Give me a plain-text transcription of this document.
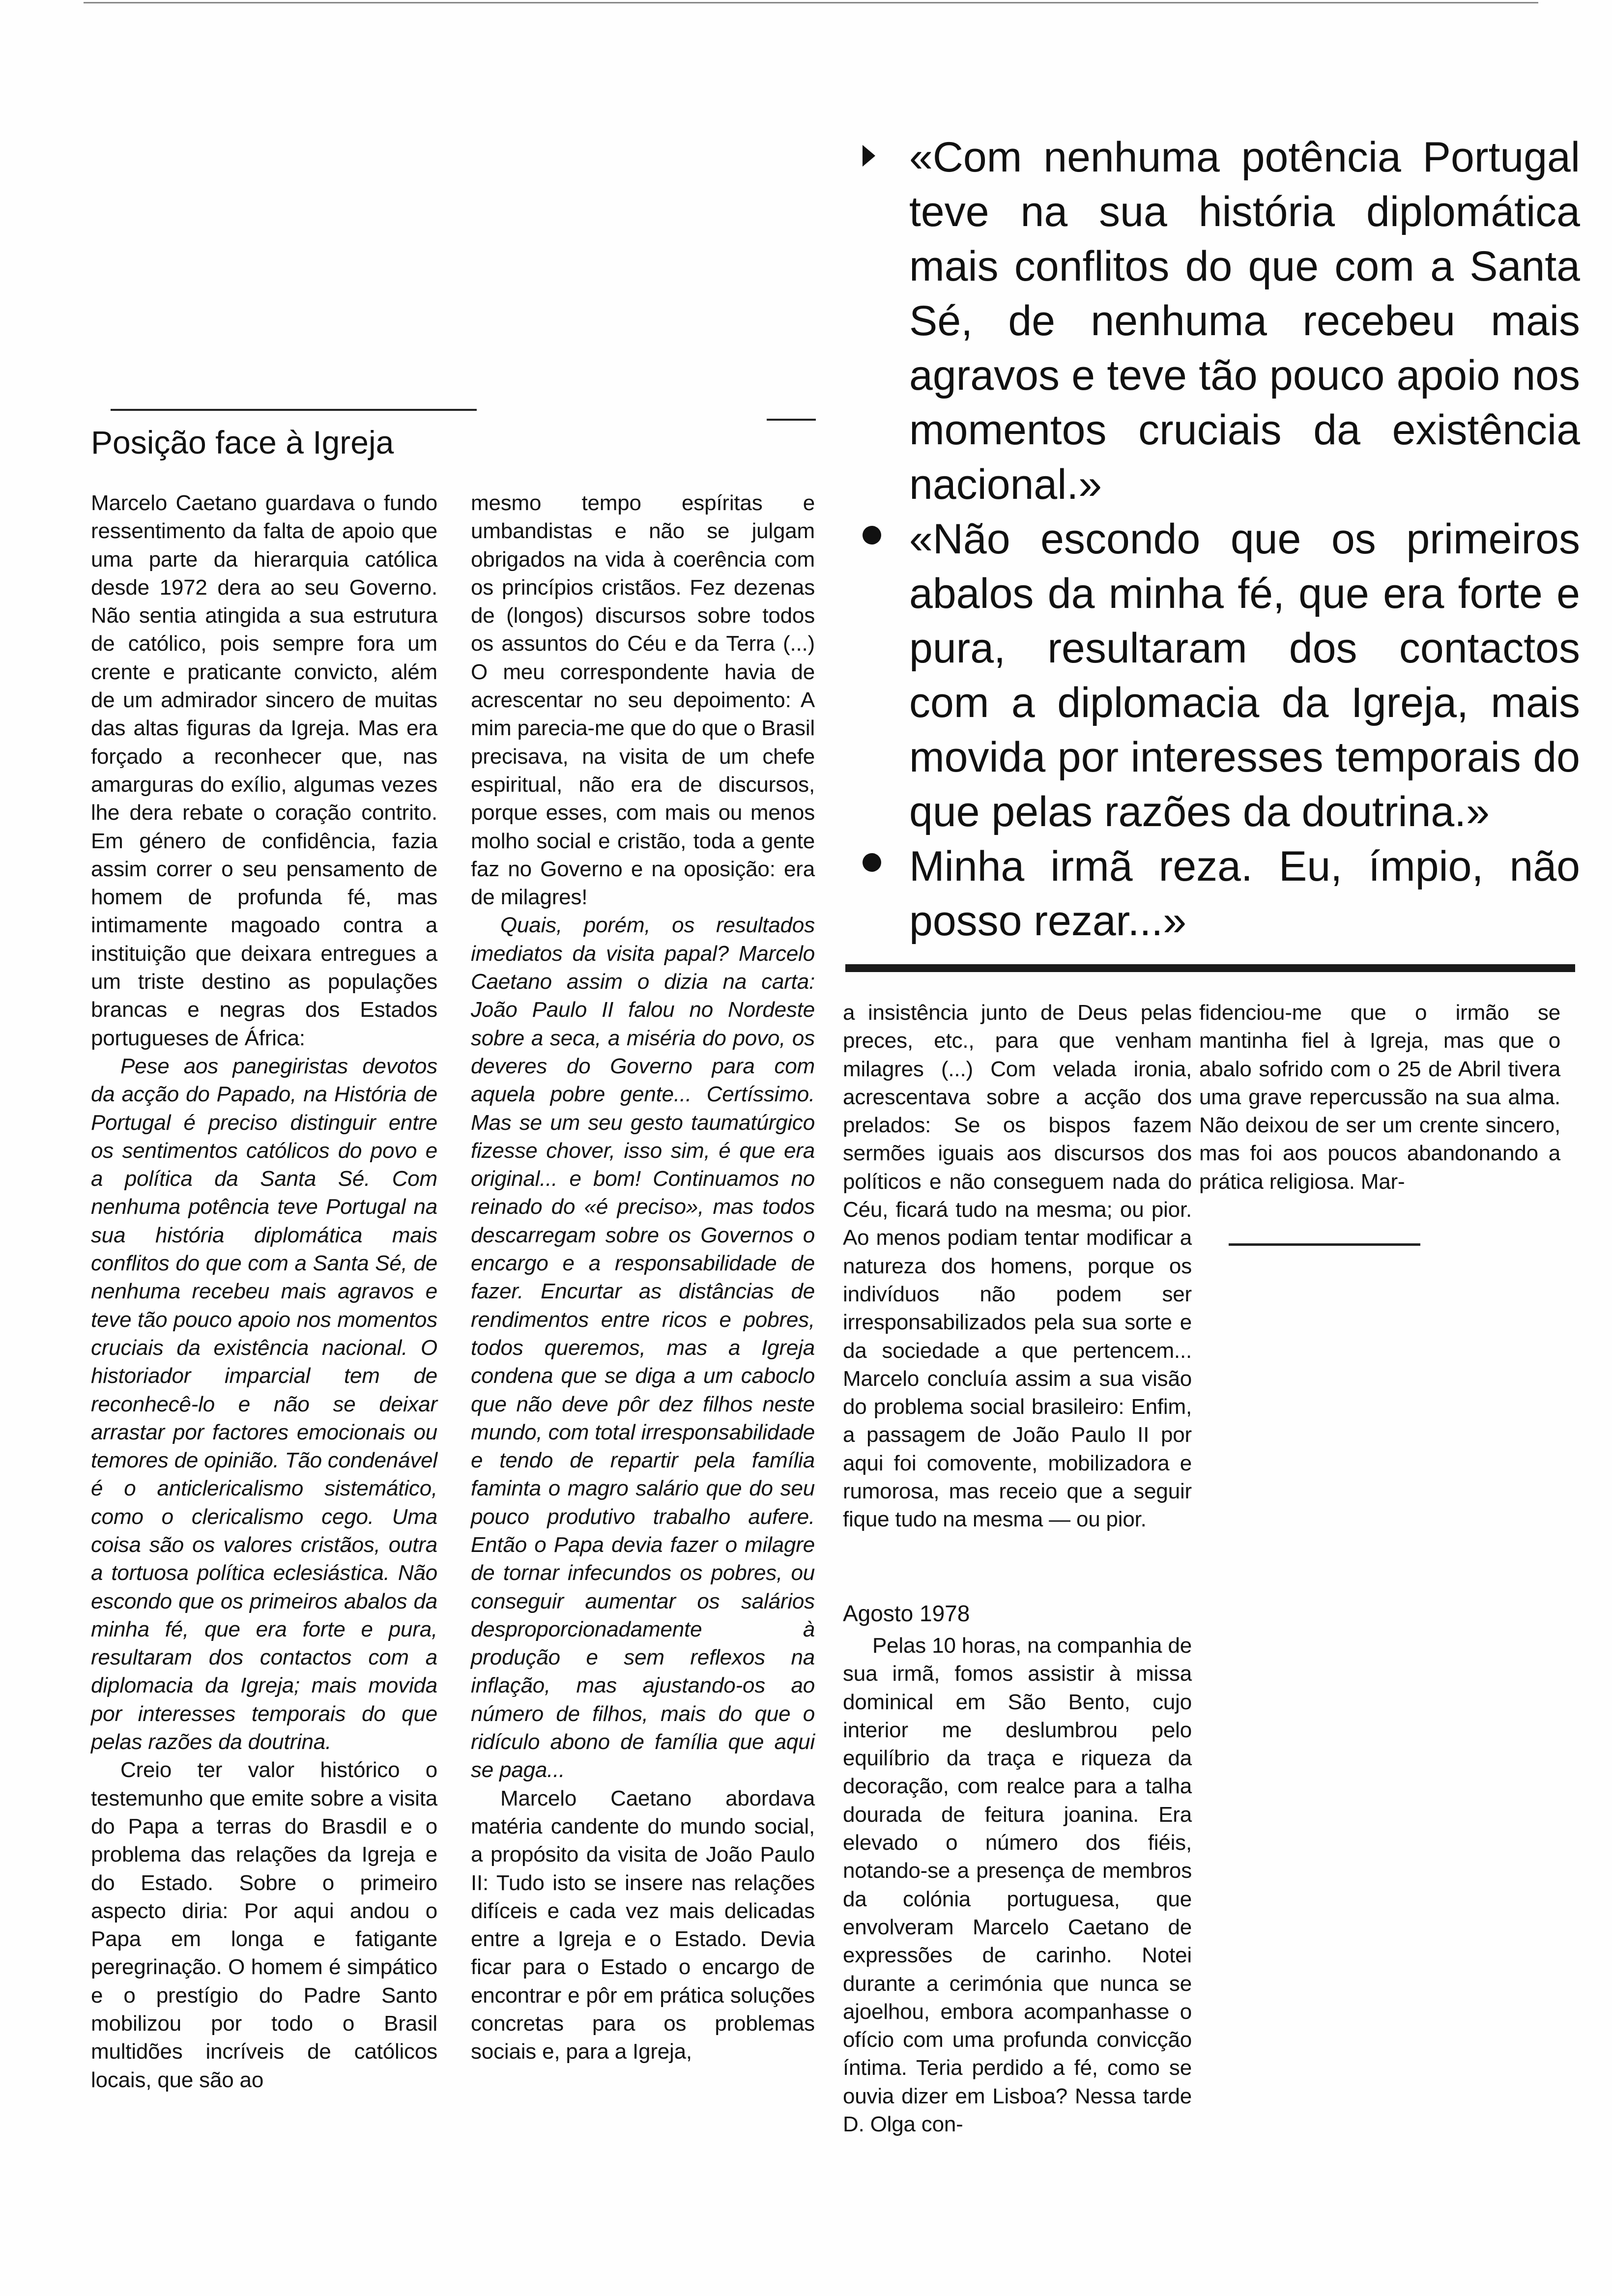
Posição face à Igreja

Marcelo Caetano guardava o fundo ressentimento da falta de apoio que uma parte da hierarquia católica desde 1972 dera ao seu Governo. Não sentia atingida a sua estrutura de católico, pois sempre fora um crente e praticante convicto, além de um admirador sincero de muitas das altas figuras da Igreja. Mas era forçado a reconhecer que, nas amarguras do exílio, algumas vezes lhe dera rebate o coração contrito. Em género de confidência, fazia assim correr o seu pensamento de homem de profunda fé, mas intimamente magoado contra a instituição que deixara entregues a um triste destino as populações brancas e negras dos Estados portugueses de África:

Pese aos panegiristas devotos da acção do Papado, na História de Portugal é preciso distinguir entre os sentimentos católicos do povo e a política da Santa Sé. Com nenhuma potência teve Portugal na sua história diplomática mais conflitos do que com a Santa Sé, de nenhuma recebeu mais agravos e teve tão pouco apoio nos momentos cruciais da existência nacional. O historiador imparcial tem de reconhecê-lo e não se deixar arrastar por factores emocionais ou temores de opinião. Tão condenável é o anticlericalismo sistemático, como o clericalismo cego. Uma coisa são os valores cristãos, outra a tortuosa política eclesiástica. Não escondo que os primeiros abalos da minha fé, que era forte e pura, resultaram dos contactos com a diplomacia da Igreja; mais movida por interesses temporais do que pelas razões da doutrina.

Creio ter valor histórico o testemunho que emite sobre a visita do Papa a terras do Brasdil e o problema das relações da Igreja e do Estado. Sobre o primeiro aspecto diria: Por aqui andou o Papa em longa e fatigante peregrinação. O homem é simpático e o prestígio do Padre Santo mobilizou por todo o Brasil multidões incríveis de católicos locais, que são ao

mesmo tempo espíritas e umbandistas e não se julgam obrigados na vida à coerência com os princípios cristãos. Fez dezenas de (longos) discursos sobre todos os assuntos do Céu e da Terra (...) O meu correspondente havia de acrescentar no seu depoimento: A mim parecia-me que do que o Brasil precisava, na visita de um chefe espiritual, não era de discursos, porque esses, com mais ou menos molho social e cristão, toda a gente faz no Governo e na oposição: era de milagres!

Quais, porém, os resultados imediatos da visita papal? Marcelo Caetano assim o dizia na carta: João Paulo II falou no Nordeste sobre a seca, a miséria do povo, os deveres do Governo para com aquela pobre gente... Certíssimo. Mas se um seu gesto taumatúrgico fizesse chover, isso sim, é que era original... e bom! Continuamos no reinado do «é preciso», mas todos descarregam sobre os Governos o encargo e a responsabilidade de fazer. Encurtar as distâncias de rendimentos entre ricos e pobres, todos queremos, mas a Igreja condena que se diga a um caboclo que não deve pôr dez filhos neste mundo, com total irresponsabilidade e tendo de repartir pela família faminta o magro salário que do seu pouco produtivo trabalho aufere. Então o Papa devia fazer o milagre de tornar infecundos os pobres, ou conseguir aumentar os salários desproporcionadamente à produção e sem reflexos na inflação, mas ajustando-os ao número de filhos, mais do que o ridículo abono de família que aqui se paga...

Marcelo Caetano abordava matéria candente do mundo social, a propósito da visita de João Paulo II: Tudo isto se insere nas relações difíceis e cada vez mais delicadas entre a Igreja e o Estado. Devia ficar para o Estado o encargo de encontrar e pôr em prática soluções concretas para os problemas sociais e, para a Igreja,

«Com nenhuma potência Portugal teve na sua história diplomática mais conflitos do que com a Santa Sé, de nenhuma recebeu mais agravos e teve tão pouco apoio nos momentos cruciais da existência nacional.»
«Não escondo que os primeiros abalos da minha fé, que era forte e pura, resultaram dos contactos com a diplomacia da Igreja, mais movida por interesses temporais do que pelas razões da doutrina.»
Minha irmã reza. Eu, ímpio, não posso rezar...»

a insistência junto de Deus pelas preces, etc., para que venham milagres (...) Com velada ironia, acrescentava sobre a acção dos prelados: Se os bispos fazem sermões iguais aos discursos dos políticos e não conseguem nada do Céu, ficará tudo na mesma; ou pior. Ao menos podiam tentar modificar a natureza dos homens, porque os indivíduos não podem ser irresponsabilizados pela sua sorte e da sociedade a que pertencem... Marcelo concluía assim a sua visão do problema social brasileiro: Enfim, a passagem de João Paulo II por aqui foi comovente, mobilizadora e rumorosa, mas receio que a seguir fique tudo na mesma — ou pior.

Agosto 1978

Pelas 10 horas, na companhia de sua irmã, fomos assistir à missa dominical em São Bento, cujo interior me deslumbrou pelo equilíbrio da traça e riqueza da decoração, com realce para a talha dourada de feitura joanina. Era elevado o número dos fiéis, notando-se a presença de membros da colónia portuguesa, que envolveram Marcelo Caetano de expressões de carinho. Notei durante a cerimónia que nunca se ajoelhou, embora acompanhasse o ofício com uma profunda convicção íntima. Teria perdido a fé, como se ouvia dizer em Lisboa? Nessa tarde D. Olga con-

fidenciou-me que o irmão se mantinha fiel à Igreja, mas que o abalo sofrido com o 25 de Abril tivera uma grave repercussão na sua alma. Não deixou de ser um crente sincero, mas foi aos poucos abandonando a prática religiosa. Mar-
